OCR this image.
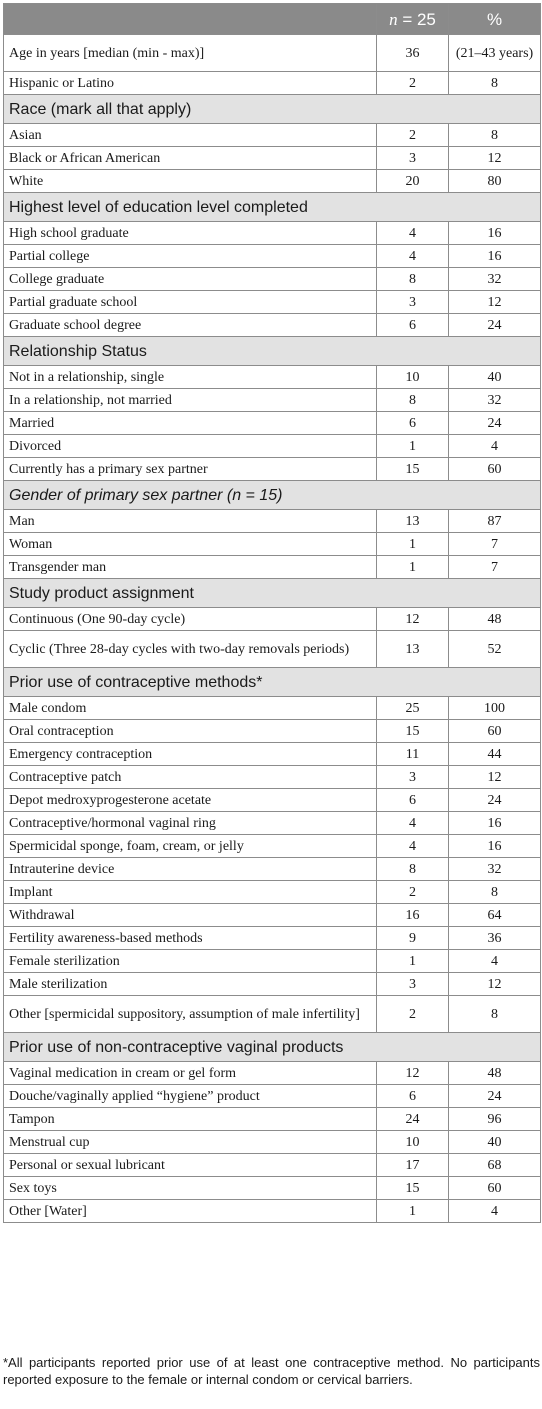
	n = 25	%
Age in years [median (min - max)]	36	(21–43 years)
Hispanic or Latino	2	8
Race (mark all that apply)		
Asian	2	8
Black or African American	3	12
White	20	80
Highest level of education level completed		
High school graduate	4	16
Partial college	4	16
College graduate	8	32
Partial graduate school	3	12
Graduate school degree	6	24
Relationship Status		
Not in a relationship, single	10	40
In a relationship, not married	8	32
Married	6	24
Divorced	1	4
Currently has a primary sex partner	15	60
Gender of primary sex partner (n = 15)		
Man	13	87
Woman	1	7
Transgender man	1	7
Study product assignment		
Continuous (One 90-day cycle)	12	48
Cyclic (Three 28-day cycles with two-day removals periods)	13	52
Prior use of contraceptive methods*		
Male condom	25	100
Oral contraception	15	60
Emergency contraception	11	44
Contraceptive patch	3	12
Depot medroxyprogesterone acetate	6	24
Contraceptive/hormonal vaginal ring	4	16
Spermicidal sponge, foam, cream, or jelly	4	16
Intrauterine device	8	32
Implant	2	8
Withdrawal	16	64
Fertility awareness-based methods	9	36
Female sterilization	1	4
Male sterilization	3	12
Other [spermicidal suppository, assumption of male infertility]	2	8
Prior use of non-contraceptive vaginal products		
Vaginal medication in cream or gel form	12	48
Douche/vaginally applied “hygiene” product	6	24
Tampon	24	96
Menstrual cup	10	40
Personal or sexual lubricant	17	68
Sex toys	15	60
Other [Water]	1	4
*All participants reported prior use of at least one contraceptive method. No participants reported exposure to the female or internal condom or cervical barriers.
